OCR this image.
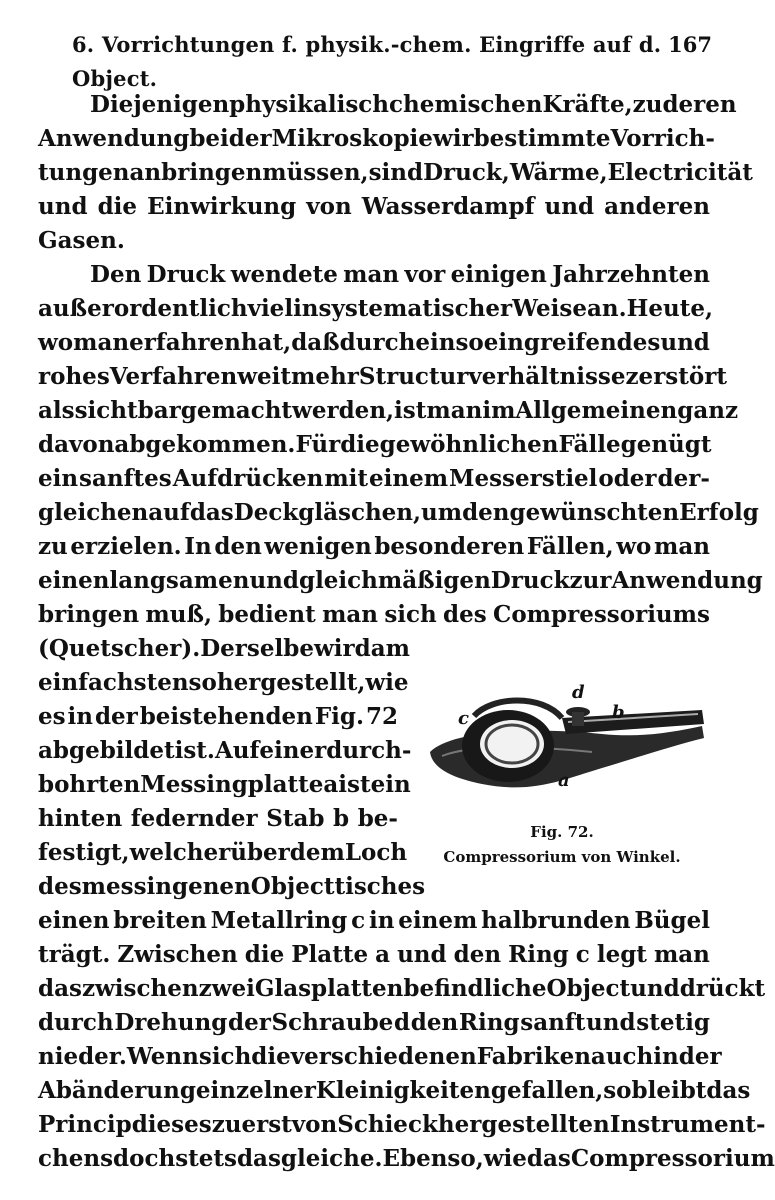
6. Vorrichtungen f. physik.-chem. Eingriffe auf d. Object.
167
Diejenigen physikalisch chemischen Kräfte, zu deren
Anwendung bei der Mikroskopie wir bestimmte Vorrich-
tungen anbringen müssen, sind Druck, Wärme, Electricität
und die Einwirkung von Wasserdampf und anderen
Gasen.
Den Druck wendete man vor einigen Jahrzehnten
außerordentlich viel in systematischer Weise an. Heute,
wo man erfahren hat, daß durch ein so eingreifendes und
rohes Verfahren weit mehr Structurverhältnisse zerstört
als sichtbar gemacht werden, ist man im Allgemeinen ganz
davon abgekommen. Für die gewöhnlichen Fälle genügt
ein sanftes Aufdrücken mit einem Messerstiel oder der-
gleichen auf das Deckgläschen, um den gewünschten Erfolg
zu erzielen. In den wenigen besonderen Fällen, wo man
einen langsamen und gleichmäßigen Druck zur Anwendung
bringen muß, bedient man sich des Compressoriums
(Quetscher). Derselbe wird am
einfachsten so hergestellt, wie
es in der beistehenden Fig. 72
abgebildet ist. Auf einer durch-
bohrten Messingplatte a ist ein
hinten federnder Stab b be-
festigt, welcher über dem Loch
des messingenen Objecttisches
einen breiten Metallring c in einem halbrunden Bügel
trägt. Zwischen die Platte a und den Ring c legt man
das zwischen zwei Glasplatten befindliche Object und drückt
durch Drehung der Schraube d den Ring sanft und stetig
nieder. Wenn sich die verschiedenen Fabriken auch in der
Abänderung einzelner Kleinigkeiten gefallen, so bleibt das
Princip dieses zuerst von Schieck hergestellten Instrument-
chens doch stets das gleiche. Ebenso, wie das Compressorium
d
b
c
a
Fig. 72.
Compressorium von Winkel.
